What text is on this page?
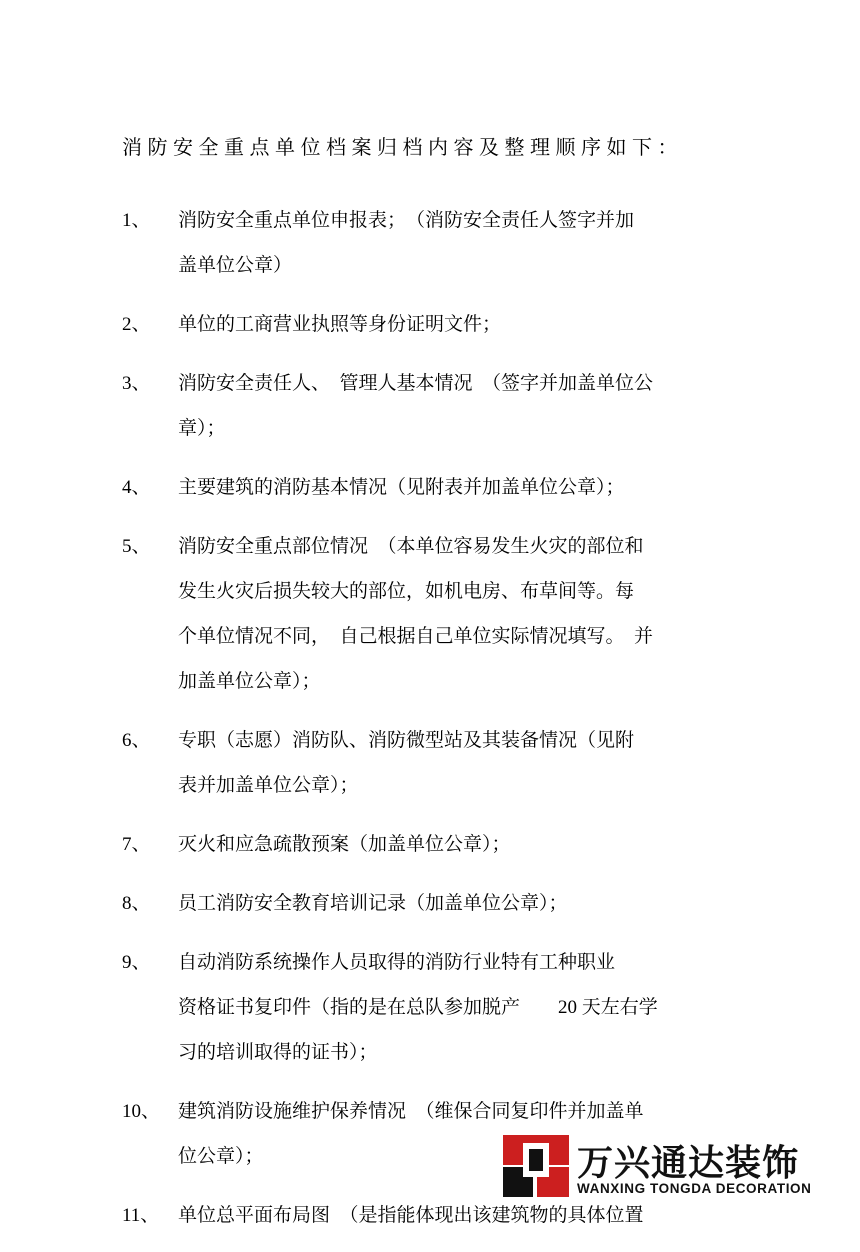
消防安全重点单位档案归档内容及整理顺序如下：
1、	消防安全重点单位申报表；　（消防安全责任人签字并加
盖单位公章）
2、	单位的工商营业执照等身份证明文件；
3、	消防安全责任人、　管理人基本情况　（签字并加盖单位公
章）；
4、	主要建筑的消防基本情况（见附表并加盖单位公章）；
5、	消防安全重点部位情况　（本单位容易发生火灾的部位和
发生火灾后损失较大的部位，如机电房、布草间等。每
个单位情况不同，　自己根据自己单位实际情况填写。　并
加盖单位公章）；
6、	专职（志愿）消防队、消防微型站及其装备情况（见附
表并加盖单位公章）；
7、	灭火和应急疏散预案（加盖单位公章）；
8、	员工消防安全教育培训记录（加盖单位公章）；
9、	自动消防系统操作人员取得的消防行业特有工种职业
资格证书复印件（指的是在总队参加脱产　　20 天左右学
习的培训取得的证书）；
10、 建筑消防设施维护保养情况　（维保合同复印件并加盖单
位公章）；
11、 单位总平面布局图　（是指能体现出该建筑物的具体位置
万兴通达装饰
WANXING TONGDA DECORATION
